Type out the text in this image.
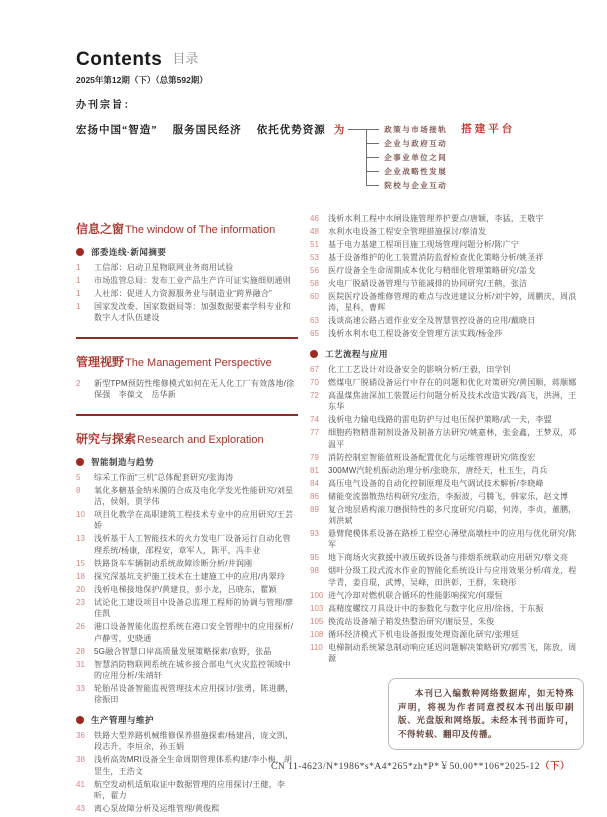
Contents 目录
2025年第12期（下）（总第592期）
办刊宗旨：
宏扬中国“智造”　 服务国民经济　 依托优势资源 为	搭建平台
政策与市场接轨
企业与政府互动
企事业单位之间
企业战略性发展
院校与企业互动
信息之窗The window of The information
部委连线·新闻摘要
1	工信部：启动卫星物联网业务商用试验
1	市场监管总局：发布工业产品生产许可证实施细则通则
1	人社部：促进人力资源服务业与制造业“跨界融合”
1	国家发改委、国家数据局等：加强数据要素学科专业和数字人才队伍建设
管理视野The Management Perspective
2	新型TPM预防性维修模式如何在无人化工厂有效落地/徐保强　李葆文　岳华新
研究与探索Research and Exploration
智能制造与趋势
5	综采工作面“三机”总体配套研究/张海涛
8	氧化多糖基金纳米膜的合成及电化学发光性能研究/刘星洁，侯娟，贾学伟
10	项目化教学在高职建筑工程技术专业中的应用研究/王芸娇
13	浅析基于人工智能技术的火力发电厂设备运行自动化管理系统/杨康，邵程安，章军人，陈平，冯丰业
15	铁路货车车辆制动系统故障诊断分析/井润刚
18	探究深基坑支护施工技术在土建施工中的应用/冉翠玲
20	浅析电梯接地保护/黄建良，彭小龙，吕晓东，瞿颖
23	试论化工建设项目中设备总监理工程师的协调与管理/廖佳凯
26	港口设备智能化监控系统在港口安全管理中的应用探析/卢静雪，史晓通
28	5G融合智慧口岸高质量发展策略探索/袁野，张晶
31	智慧消防物联网系统在城乡接合部电气火灾监控领域中的应用分析/朱靖轩
33	轮胎吊设备智能监视管理技术应用探讨/张勇，陈进鹏，徐振田
生产管理与维护
36	铁路大型养路机械维修保养措施探索/杨建昌，庞文凯，段志升，李垣余，孙玉娟
38	浅析高效MRI设备全生命周期管理体系构建/李小梅，胡罡生，王浩文
41	航空发动机适航取证中数据管理的应用探讨/王健，李昕，翟力
43	离心泵故障分析及运维管理/黄俊熙
46	浅析水利工程中水闸设施管理养护要点/唐颖，李猛，王敬宇
48	水利水电设备工程安全管理措施探讨/蔡清发
51	基于电力基建工程项目施工现场管理问题分析/陈广宁
53	基于设备维护的化工装置消防监督检查优化策略分析/姚圣祥
56	医疗设备全生命周期成本优化与精细化管理策略研究/盖戈
58	火电厂脱硝设备管理与节能减排的协同研究/王鹤，张洁
60	医院医疗设备维修管理的难点与改进建议分析/刘宇婷，周鹏庆，周浪涛，星科，曹辉
63	浅谈高速公路占道作业安全及智慧管控设备的应用/戴晓日
65	浅析水利水电工程设备安全管理方法实践/杨金莎
工艺流程与应用
67	化工工艺设计对设备安全的影响分析/王毅，田学钊
70	燃煤电厂脱硝设备运行中存在的问题和优化对策研究/黄国顺，蒋顺娜
72	高温煤焦油深加工装置运行问题分析及技术改造实践/高飞，洪洲，王东华
74	浅析电力输电线路的雷电防护与过电压保护策略/武一夫，李盟
77	细胞药物精准制剂设备及制备方法研究/姚嘉林，张金鑫，王梦双，邓温平
79	消防控制室智能值班设备配置优化与运维管理研究/陈俊宏
81	300MW汽轮机振动治理分析/张晓东，唐经天，杜玉生，肖兵
84	高压电气设备的自动化控制原理及电气调试技术解析/李晓峰
86	储能变流器散热结构研究/张浩，李振波，弓腾飞，韩家乐，赵文博
89	复合地层盾构滚刀磨损特性的多尺度研究/肖聪，何涛，李贞，董鹏，刘洪斌
93	悬臂爬模体系设备在路桥工程空心薄壁高墩柱中的应用与优化研究/陈军
95	地下商场火灾救援中液压破拆设备与排烟系统联动应用研究/蔡文亮
98	烟叶分级工段式流水作业的智能化系统设计与应用效果分析/蒋龙，程学青，姜自琨，武博，吴峰，田洪彰，王群，朱晓彤
100 进气冷却对燃机联合循环的性能影响探究/何璟恒
103 高精度螺纹刀具设计中的参数化与数字化应用/徐扬，于东振
105 换流站设备端子箱发热整治研究/谢辰昱，朱俊
108 循环经济模式下机电设备报废处理资源化研究/张理廷
110 电梯制动系统紧急制动响应延迟问题解决策略研究/郭雪飞，陈放，周源
本刊已入编数种网络数据库，如无特殊声明，将视为作者同意授权本刊出版印刷版、光盘版和网络版。未经本刊书面许可，不得转载、翻印及传播。
CN 11-4623/N*1986*s*A4*265*zh*P*￥50.00**106*2025-12（下）
